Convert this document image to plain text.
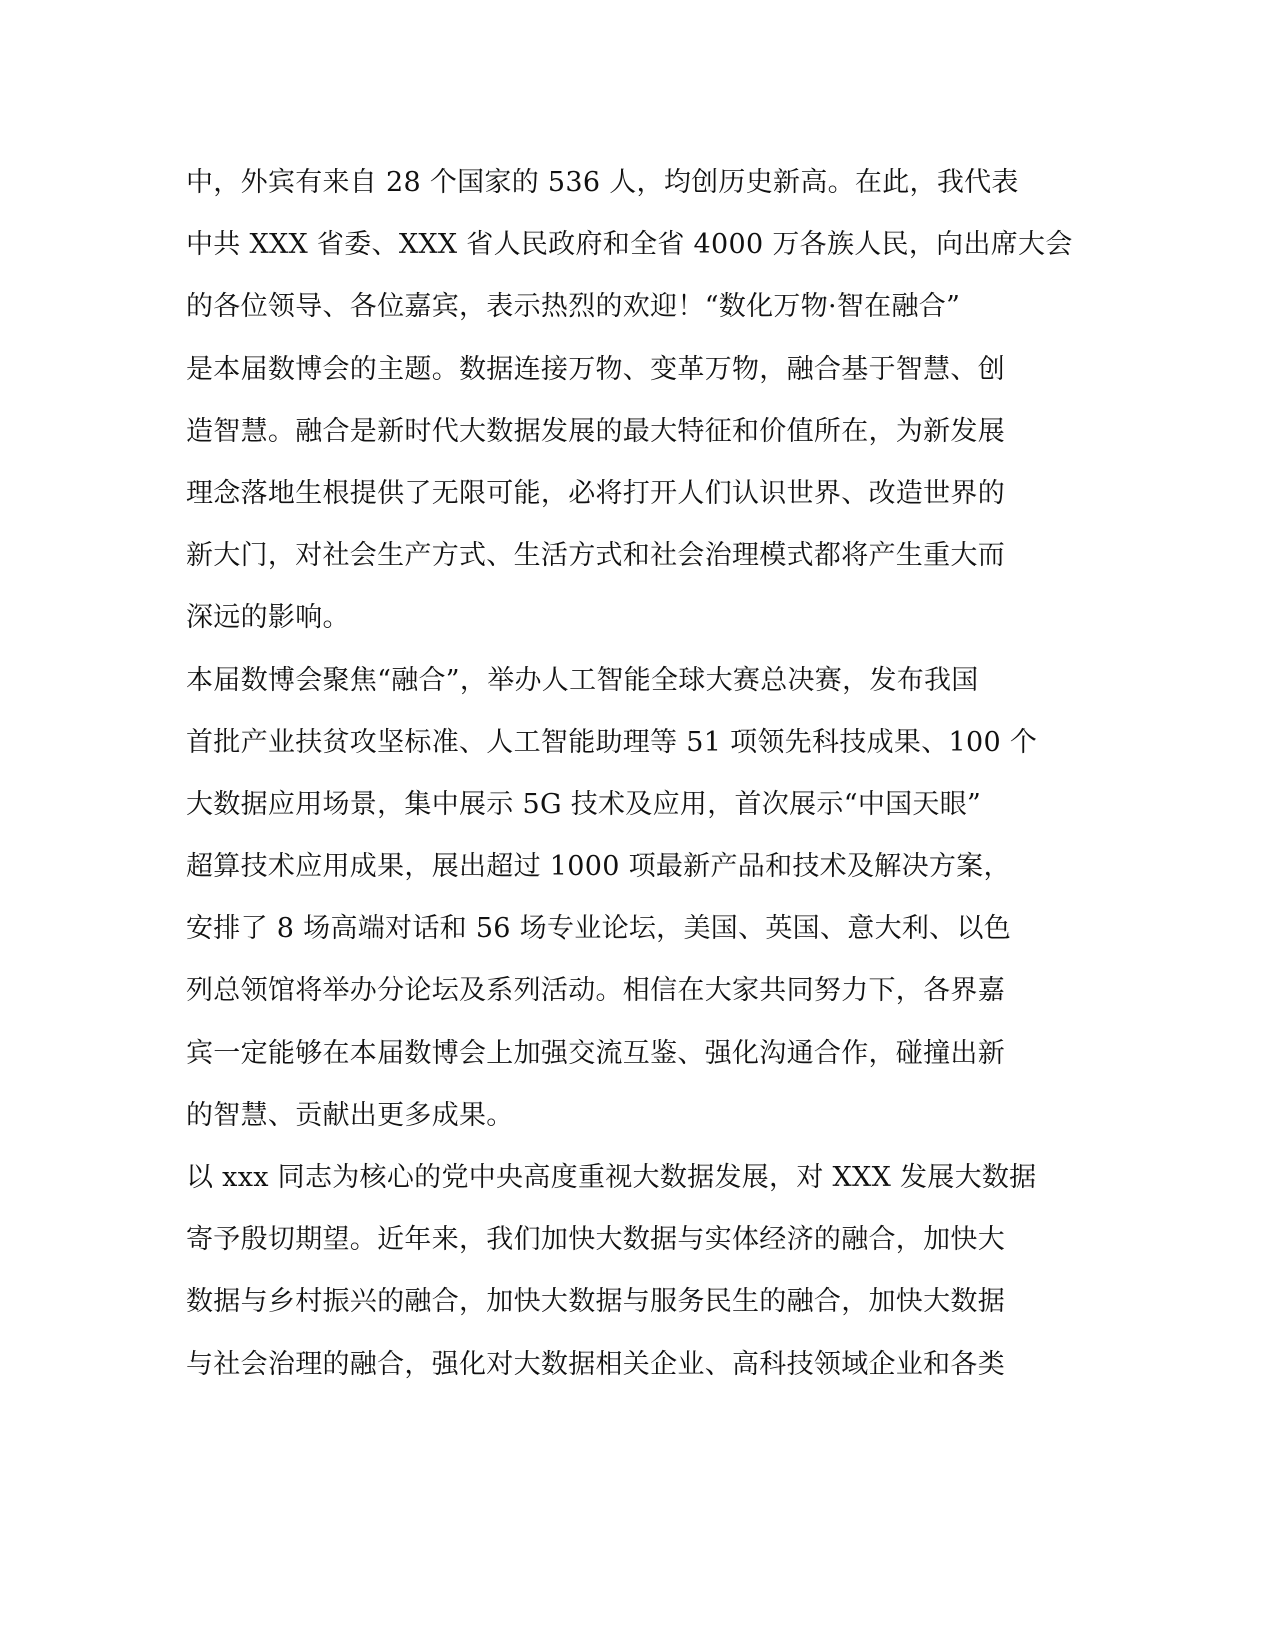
中，外宾有来自 28 个国家的 536 人，均创历史新高。在此，我代表
中共 XXX 省委、XXX 省人民政府和全省 4000 万各族人民，向出席大会
的各位领导、各位嘉宾，表示热烈的欢迎！“数化万物·智在融合”
是本届数博会的主题。数据连接万物、变革万物，融合基于智慧、创
造智慧。融合是新时代大数据发展的最大特征和价值所在，为新发展
理念落地生根提供了无限可能，必将打开人们认识世界、改造世界的
新大门，对社会生产方式、生活方式和社会治理模式都将产生重大而
深远的影响。
本届数博会聚焦“融合”，举办人工智能全球大赛总决赛，发布我国
首批产业扶贫攻坚标准、人工智能助理等 51 项领先科技成果、100 个
大数据应用场景，集中展示 5G 技术及应用，首次展示“中国天眼”
超算技术应用成果，展出超过 1000 项最新产品和技术及解决方案，
安排了 8 场高端对话和 56 场专业论坛，美国、英国、意大利、以色
列总领馆将举办分论坛及系列活动。相信在大家共同努力下，各界嘉
宾一定能够在本届数博会上加强交流互鉴、强化沟通合作，碰撞出新
的智慧、贡献出更多成果。
以 xxx 同志为核心的党中央高度重视大数据发展，对 XXX 发展大数据
寄予殷切期望。近年来，我们加快大数据与实体经济的融合，加快大
数据与乡村振兴的融合，加快大数据与服务民生的融合，加快大数据
与社会治理的融合，强化对大数据相关企业、高科技领域企业和各类
